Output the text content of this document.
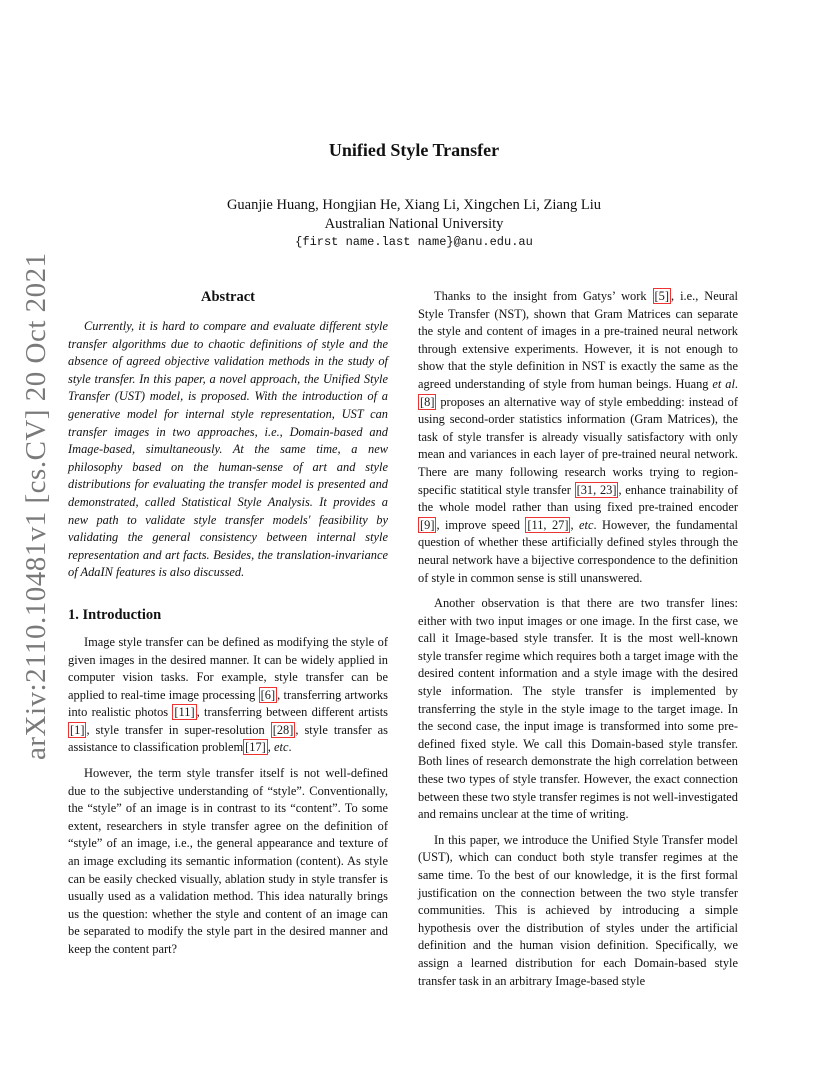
arXiv:2110.10481v1 [cs.CV] 20 Oct 2021
Unified Style Transfer
Guanjie Huang, Hongjian He, Xiang Li, Xingchen Li, Ziang Liu
Australian National University
{first name.last name}@anu.edu.au
Abstract

Currently, it is hard to compare and evaluate different style transfer algorithms due to chaotic definitions of style and the absence of agreed objective validation methods in the study of style transfer. In this paper, a novel approach, the Unified Style Transfer (UST) model, is proposed. With the introduction of a generative model for internal style representation, UST can transfer images in two approaches, i.e., Domain-based and Image-based, simultaneously. At the same time, a new philosophy based on the human-sense of art and style distributions for evaluating the transfer model is presented and demonstrated, called Statistical Style Analysis. It provides a new path to validate style transfer models' feasibility by validating the general consistency between internal style representation and art facts. Besides, the translation-invariance of AdaIN features is also discussed.

1. Introduction

Image style transfer can be defined as modifying the style of given images in the desired manner. It can be widely applied in computer vision tasks. For example, style transfer can be applied to real-time image processing [6] , transferring artworks into realistic photos [11] , transferring between different artists [1] , style transfer in super-resolution [28] , style transfer as assistance to classification problem [17] , etc.

However, the term style transfer itself is not well-defined due to the subjective understanding of “style”. Conventionally, the “style” of an image is in contrast to its “content”. To some extent, researchers in style transfer agree on the definition of “style” of an image, i.e., the general appearance and texture of an image excluding its semantic information (content). As style can be easily checked visually, ablation study in style transfer is usually used as a validation method. This idea naturally brings us the question: whether the style and content of an image can be separated to modify the style part in the desired manner and keep the content part?

Thanks to the insight from Gatys’ work [5] , i.e., Neural Style Transfer (NST), shown that Gram Matrices can separate the style and content of images in a pre-trained neural network through extensive experiments. However, it is not enough to show that the style definition in NST is exactly the same as the agreed understanding of style from human beings. Huang et al. [8] proposes an alternative way of style embedding: instead of using second-order statistics information (Gram Matrices), the task of style transfer is already visually satisfactory with only mean and variances in each layer of pre-trained neural network. There are many following research works trying to region-specific statitical style transfer [31, 23] , enhance trainability of the whole model rather than using fixed pre-trained encoder [9] , improve speed [11, 27] , etc. However, the fundamental question of whether these artificially defined styles through the neural network have a bijective correspondence to the definition of style in common sense is still unanswered.

Another observation is that there are two transfer lines: either with two input images or one image. In the first case, we call it Image-based style transfer. It is the most well-known style transfer regime which requires both a target image with the desired content information and a style image with the desired style information. The style transfer is implemented by transferring the style in the style image to the target image. In the second case, the input image is transformed into some pre-defined fixed style. We call this Domain-based style transfer. Both lines of research demonstrate the high correlation between these two types of style transfer. However, the exact connection between these two style transfer regimes is not well-investigated and remains unclear at the time of writing.

In this paper, we introduce the Unified Style Transfer model (UST), which can conduct both style transfer regimes at the same time. To the best of our knowledge, it is the first formal justification on the connection between the two style transfer communities. This is achieved by introducing a simple hypothesis over the distribution of styles under the artificial definition and the human vision definition. Specifically, we assign a learned distribution for each Domain-based style transfer task in an arbitrary Image-based style
